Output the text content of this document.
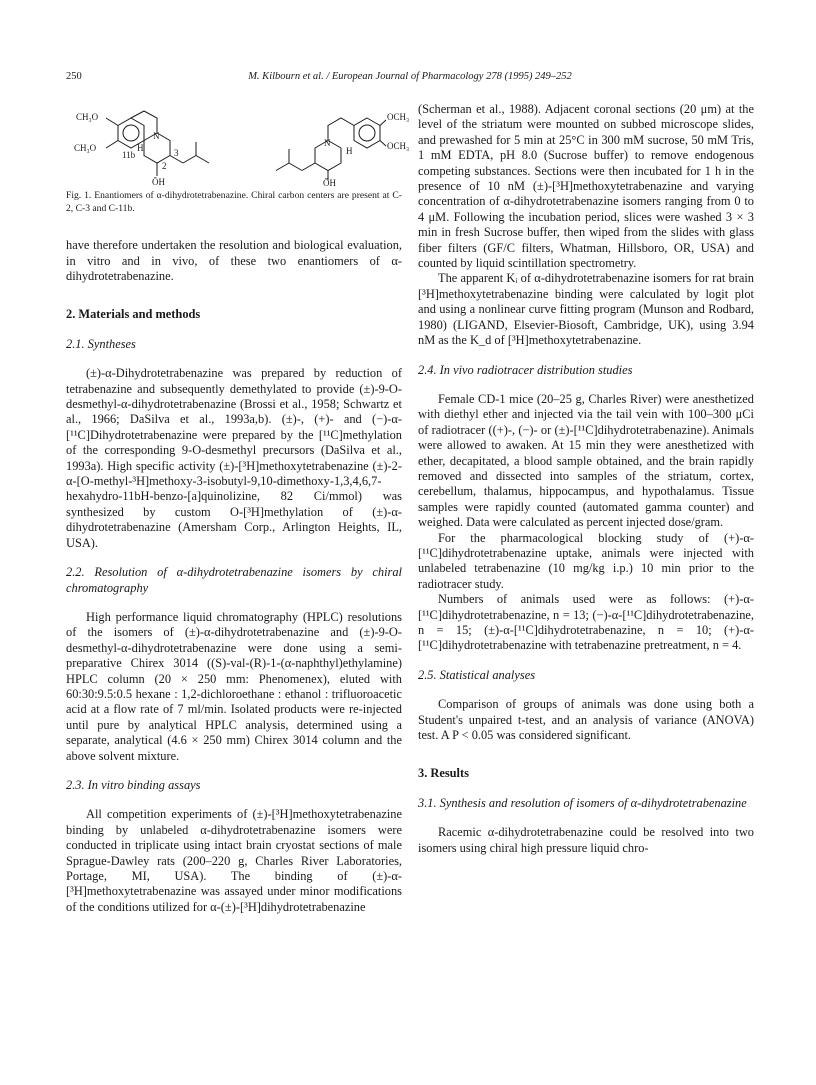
250	M. Kilbourn et al. / European Journal of Pharmacology 278 (1995) 249–252
CH₃O
CH₃O
OCH₃
OCH₃
N
N
H	H
11b
2
3
ŌH	ŌH

Fig. 1. Enantiomers of α-dihydrotetrabenazine. Chiral carbon centers are present at C-2, C-3 and C-11b.

have therefore undertaken the resolution and biological evaluation, in vitro and in vivo, of these two enantiomers of α-dihydrotetrabenazine.

2. Materials and methods

2.1. Syntheses

(±)-α-Dihydrotetrabenazine was prepared by reduction of tetrabenazine and subsequently demethylated to provide (±)-9-O-desmethyl-α-dihydrotetrabenazine (Brossi et al., 1958; Schwartz et al., 1966; DaSilva et al., 1993a,b). (±)-, (+)- and (−)-α-[¹¹C]Dihydrotetrabenazine were prepared by the [¹¹C]methylation of the corresponding 9-O-desmethyl precursors (DaSilva et al., 1993a). High specific activity (±)-[³H]methoxytetrabenazine (±)-2-α-[O-methyl-³H]methoxy-3-isobutyl-9,10-dimethoxy-1,3,4,6,7-hexahydro-11bH-benzo-[a]quinolizine, 82 Ci/mmol) was synthesized by custom O-[³H]methylation of (±)-α-dihydrotetrabenazine (Amersham Corp., Arlington Heights, IL, USA).

2.2. Resolution of α-dihydrotetrabenazine isomers by chiral chromatography

High performance liquid chromatography (HPLC) resolutions of the isomers of (±)-α-dihydrotetrabenazine and (±)-9-O-desmethyl-α-dihydrotetrabenazine were done using a semi-preparative Chirex 3014 ((S)-val-(R)-1-(α-naphthyl)ethylamine) HPLC column (20 × 250 mm: Phenomenex), eluted with 60:30:9.5:0.5 hexane : 1,2-dichloroethane : ethanol : trifluoroacetic acid at a flow rate of 7 ml/min. Isolated products were re-injected until pure by analytical HPLC analysis, determined using a separate, analytical (4.6 × 250 mm) Chirex 3014 column and the above solvent mixture.

2.3. In vitro binding assays

All competition experiments of (±)-[³H]methoxytetrabenazine binding by unlabeled α-dihydrotetrabenazine isomers were conducted in triplicate using intact brain cryostat sections of male Sprague-Dawley rats (200–220 g, Charles River Laboratories, Portage, MI, USA). The binding of (±)-α-[³H]methoxytetrabenazine was assayed under minor modifications of the conditions utilized for α-(±)-[³H]dihydrotetrabenazine

(Scherman et al., 1988). Adjacent coronal sections (20 μm) at the level of the striatum were mounted on subbed microscope slides, and prewashed for 5 min at 25°C in 300 mM sucrose, 50 mM Tris, 1 mM EDTA, pH 8.0 (Sucrose buffer) to remove endogenous competing substances. Sections were then incubated for 1 h in the presence of 10 nM (±)-[³H]methoxytetrabenazine and varying concentration of α-dihydrotetrabenazine isomers ranging from 0 to 4 μM. Following the incubation period, slices were washed 3 × 3 min in fresh Sucrose buffer, then wiped from the slides with glass fiber filters (GF/C filters, Whatman, Hillsboro, OR, USA) and counted by liquid scintillation spectrometry.

The apparent Kᵢ of α-dihydrotetrabenazine isomers for rat brain [³H]methoxytetrabenazine binding were calculated by logit plot and using a nonlinear curve fitting program (Munson and Rodbard, 1980) (LIGAND, Elsevier-Biosoft, Cambridge, UK), using 3.94 nM as the K_d of [³H]methoxytetrabenazine.

2.4. In vivo radiotracer distribution studies

Female CD-1 mice (20–25 g, Charles River) were anesthetized with diethyl ether and injected via the tail vein with 100–300 μCi of radiotracer ((+)-, (−)- or (±)-[¹¹C]dihydrotetrabenazine). Animals were allowed to awaken. At 15 min they were anesthetized with ether, decapitated, a blood sample obtained, and the brain rapidly removed and dissected into samples of the striatum, cortex, cerebellum, thalamus, hippocampus, and hypothalamus. Tissue samples were rapidly counted (automated gamma counter) and weighed. Data were calculated as percent injected dose/gram.

For the pharmacological blocking study of (+)-α-[¹¹C]dihydrotetrabenazine uptake, animals were injected with unlabeled tetrabenazine (10 mg/kg i.p.) 10 min prior to the radiotracer study.

Numbers of animals used were as follows: (+)-α-[¹¹C]dihydrotetrabenazine, n = 13; (−)-α-[¹¹C]dihydrotetrabenazine, n = 15; (±)-α-[¹¹C]dihydrotetrabenazine, n = 10; (+)-α-[¹¹C]dihydrotetrabenazine with tetrabenazine pretreatment, n = 4.

2.5. Statistical analyses

Comparison of groups of animals was done using both a Student's unpaired t-test, and an analysis of variance (ANOVA) test. A P < 0.05 was considered significant.

3. Results

3.1. Synthesis and resolution of isomers of α-dihydrotetrabenazine

Racemic α-dihydrotetrabenazine could be resolved into two isomers using chiral high pressure liquid chro-
